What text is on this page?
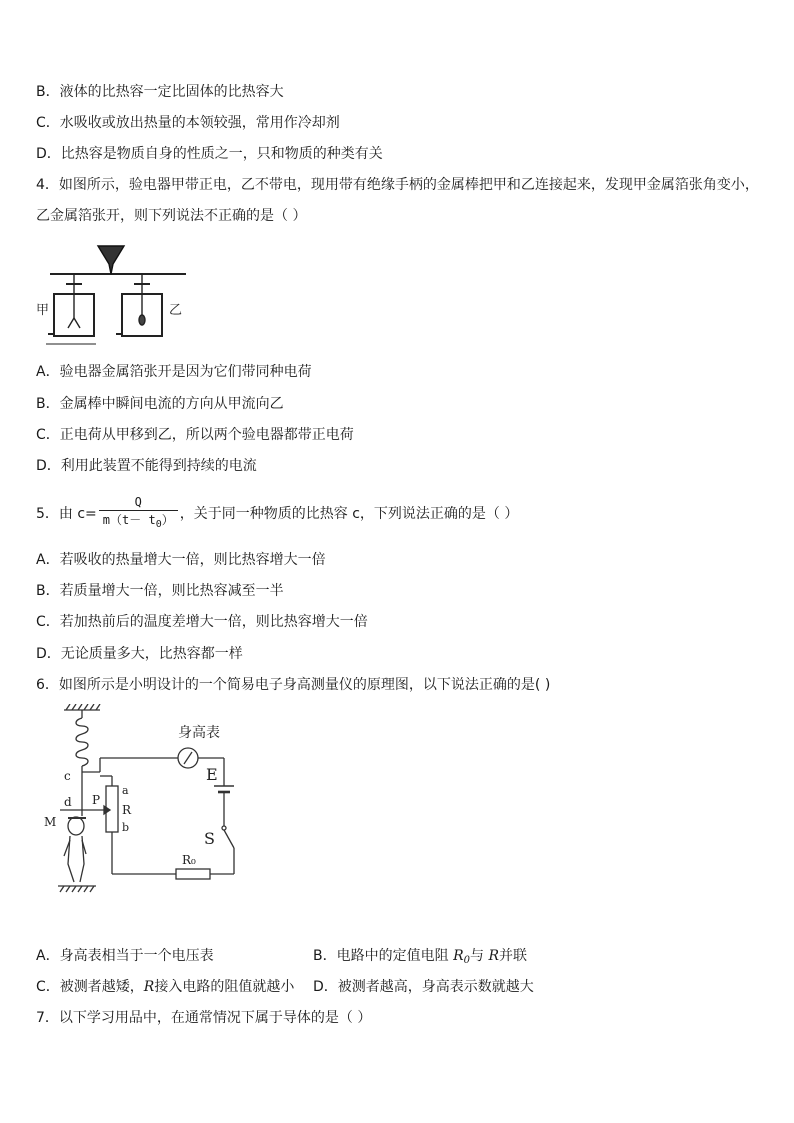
B．液体的比热容一定比固体的比热容大
C．水吸收或放出热量的本领较强，常用作冷却剂
D．比热容是物质自身的性质之一，只和物质的种类有关
4．如图所示，验电器甲带正电，乙不带电，现用带有绝缘手柄的金属棒把甲和乙连接起来，发现甲金属箔张角变小，
乙金属箔张开，则下列说法不正确的是（ ）
甲	乙
A．验电器金属箔张开是因为它们带同种电荷
B．金属棒中瞬间电流的方向从甲流向乙
C．正电荷从甲移到乙，所以两个验电器都带正电荷
D．利用此装置不能得到持续的电流
5．由 $c= \frac{Q}{m(t- t_0)}$ ，关于同一种物质的比热容 c，下列说法正确的是（ ）
A．若吸收的热量增大一倍，则比热容增大一倍
B．若质量增大一倍，则比热容减至一半
C．若加热前后的温度差增大一倍，则比热容增大一倍
D．无论质量多大，比热容都一样
6．如图所示是小明设计的一个简易电子身高测量仪的原理图，以下说法正确的是( )
身高表
E
S
R₀
a
R
b
P
c
d
M
A．身高表相当于一个电压表	B．电路中的定值电阻 $R_0$与 R并联
C．被测者越矮，R接入电路的阻值就越小 D．被测者越高，身高表示数就越大
7．以下学习用品中，在通常情况下属于导体的是（ ）
